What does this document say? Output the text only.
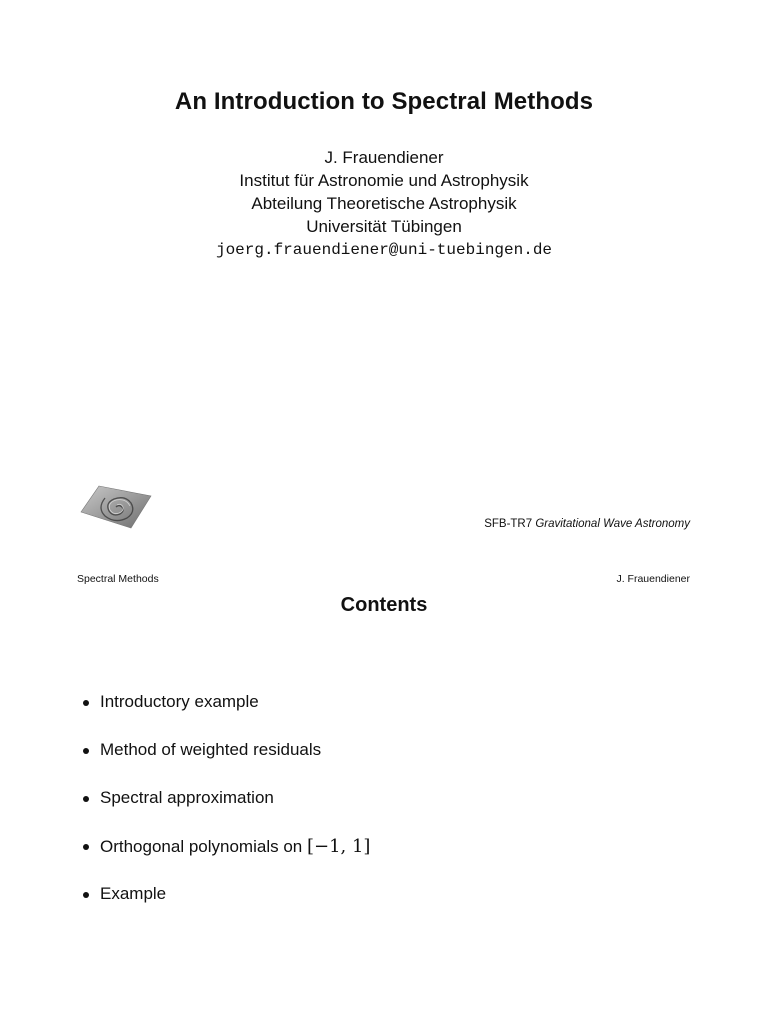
An Introduction to Spectral Methods
J. Frauendiener
Institut für Astronomie und Astrophysik
Abteilung Theoretische Astrophysik
Universität Tübingen
joerg.frauendiener@uni-tuebingen.de
SFB-TR7 Gravitational Wave Astronomy
Spectral Methods	J. Frauendiener
Contents
Introductory example
Method of weighted residuals
Spectral approximation
Orthogonal polynomials on [−1, 1]
Example
